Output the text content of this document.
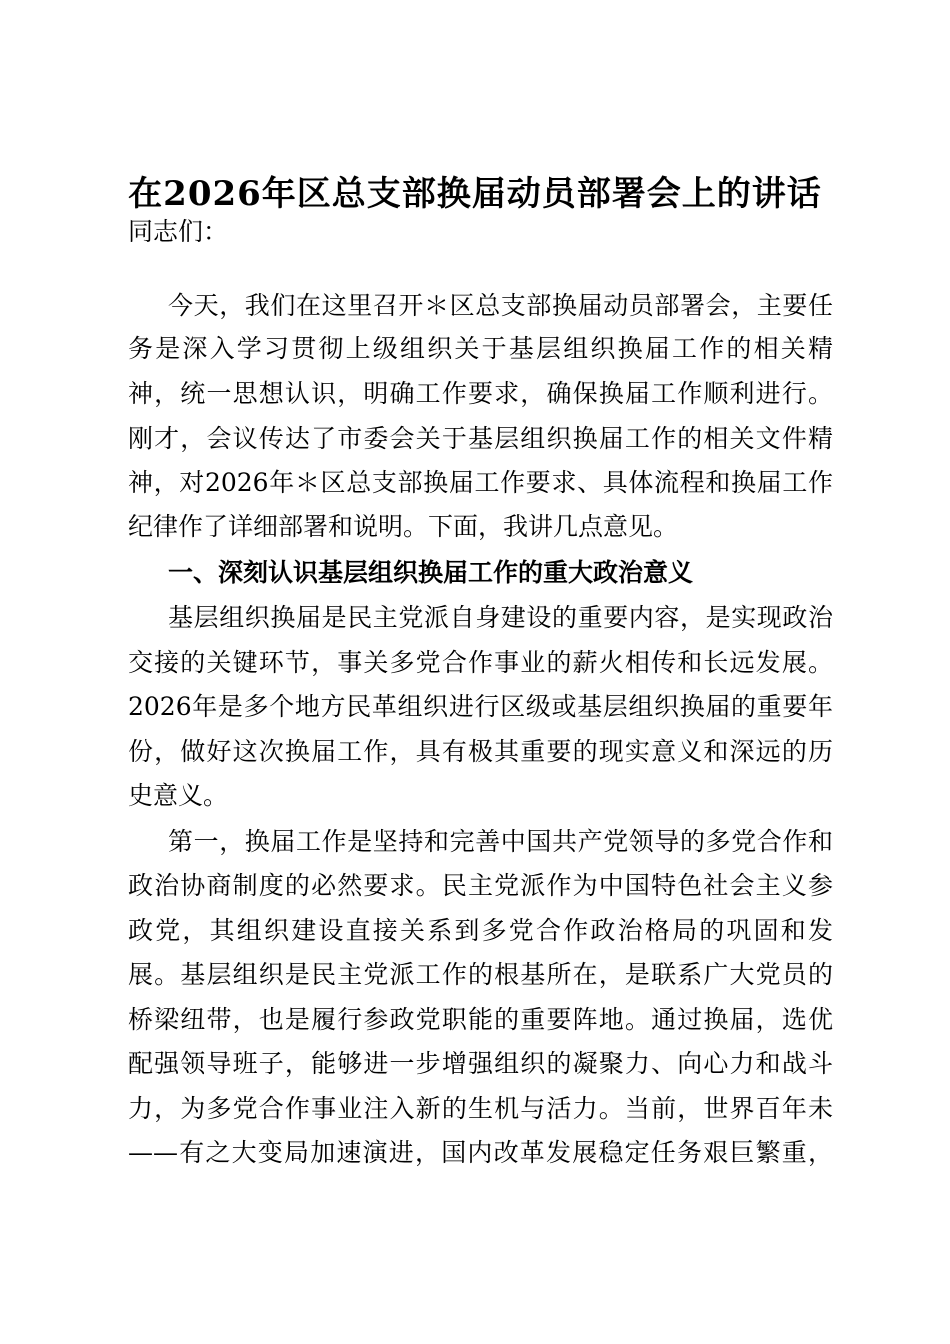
在2026年区总支部换届动员部署会上的讲话
同志们：
今天，我们在这里召开＊区总支部换届动员部署会，主要任
务是深入学习贯彻上级组织关于基层组织换届工作的相关精
神，统一思想认识，明确工作要求，确保换届工作顺利进行。
刚才，会议传达了市委会关于基层组织换届工作的相关文件精
神，对2026年＊区总支部换届工作要求、具体流程和换届工作
纪律作了详细部署和说明。下面，我讲几点意见。
一、深刻认识基层组织换届工作的重大政治意义
基层组织换届是民主党派自身建设的重要内容，是实现政治
交接的关键环节，事关多党合作事业的薪火相传和长远发展。
2026年是多个地方民革组织进行区级或基层组织换届的重要年
份，做好这次换届工作，具有极其重要的现实意义和深远的历
史意义。
第一，换届工作是坚持和完善中国共产党领导的多党合作和
政治协商制度的必然要求。民主党派作为中国特色社会主义参
政党，其组织建设直接关系到多党合作政治格局的巩固和发
展。基层组织是民主党派工作的根基所在，是联系广大党员的
桥梁纽带，也是履行参政党职能的重要阵地。通过换届，选优
配强领导班子，能够进一步增强组织的凝聚力、向心力和战斗
力，为多党合作事业注入新的生机与活力。当前，世界百年未
——有之大变局加速演进，国内改革发展稳定任务艰巨繁重，
